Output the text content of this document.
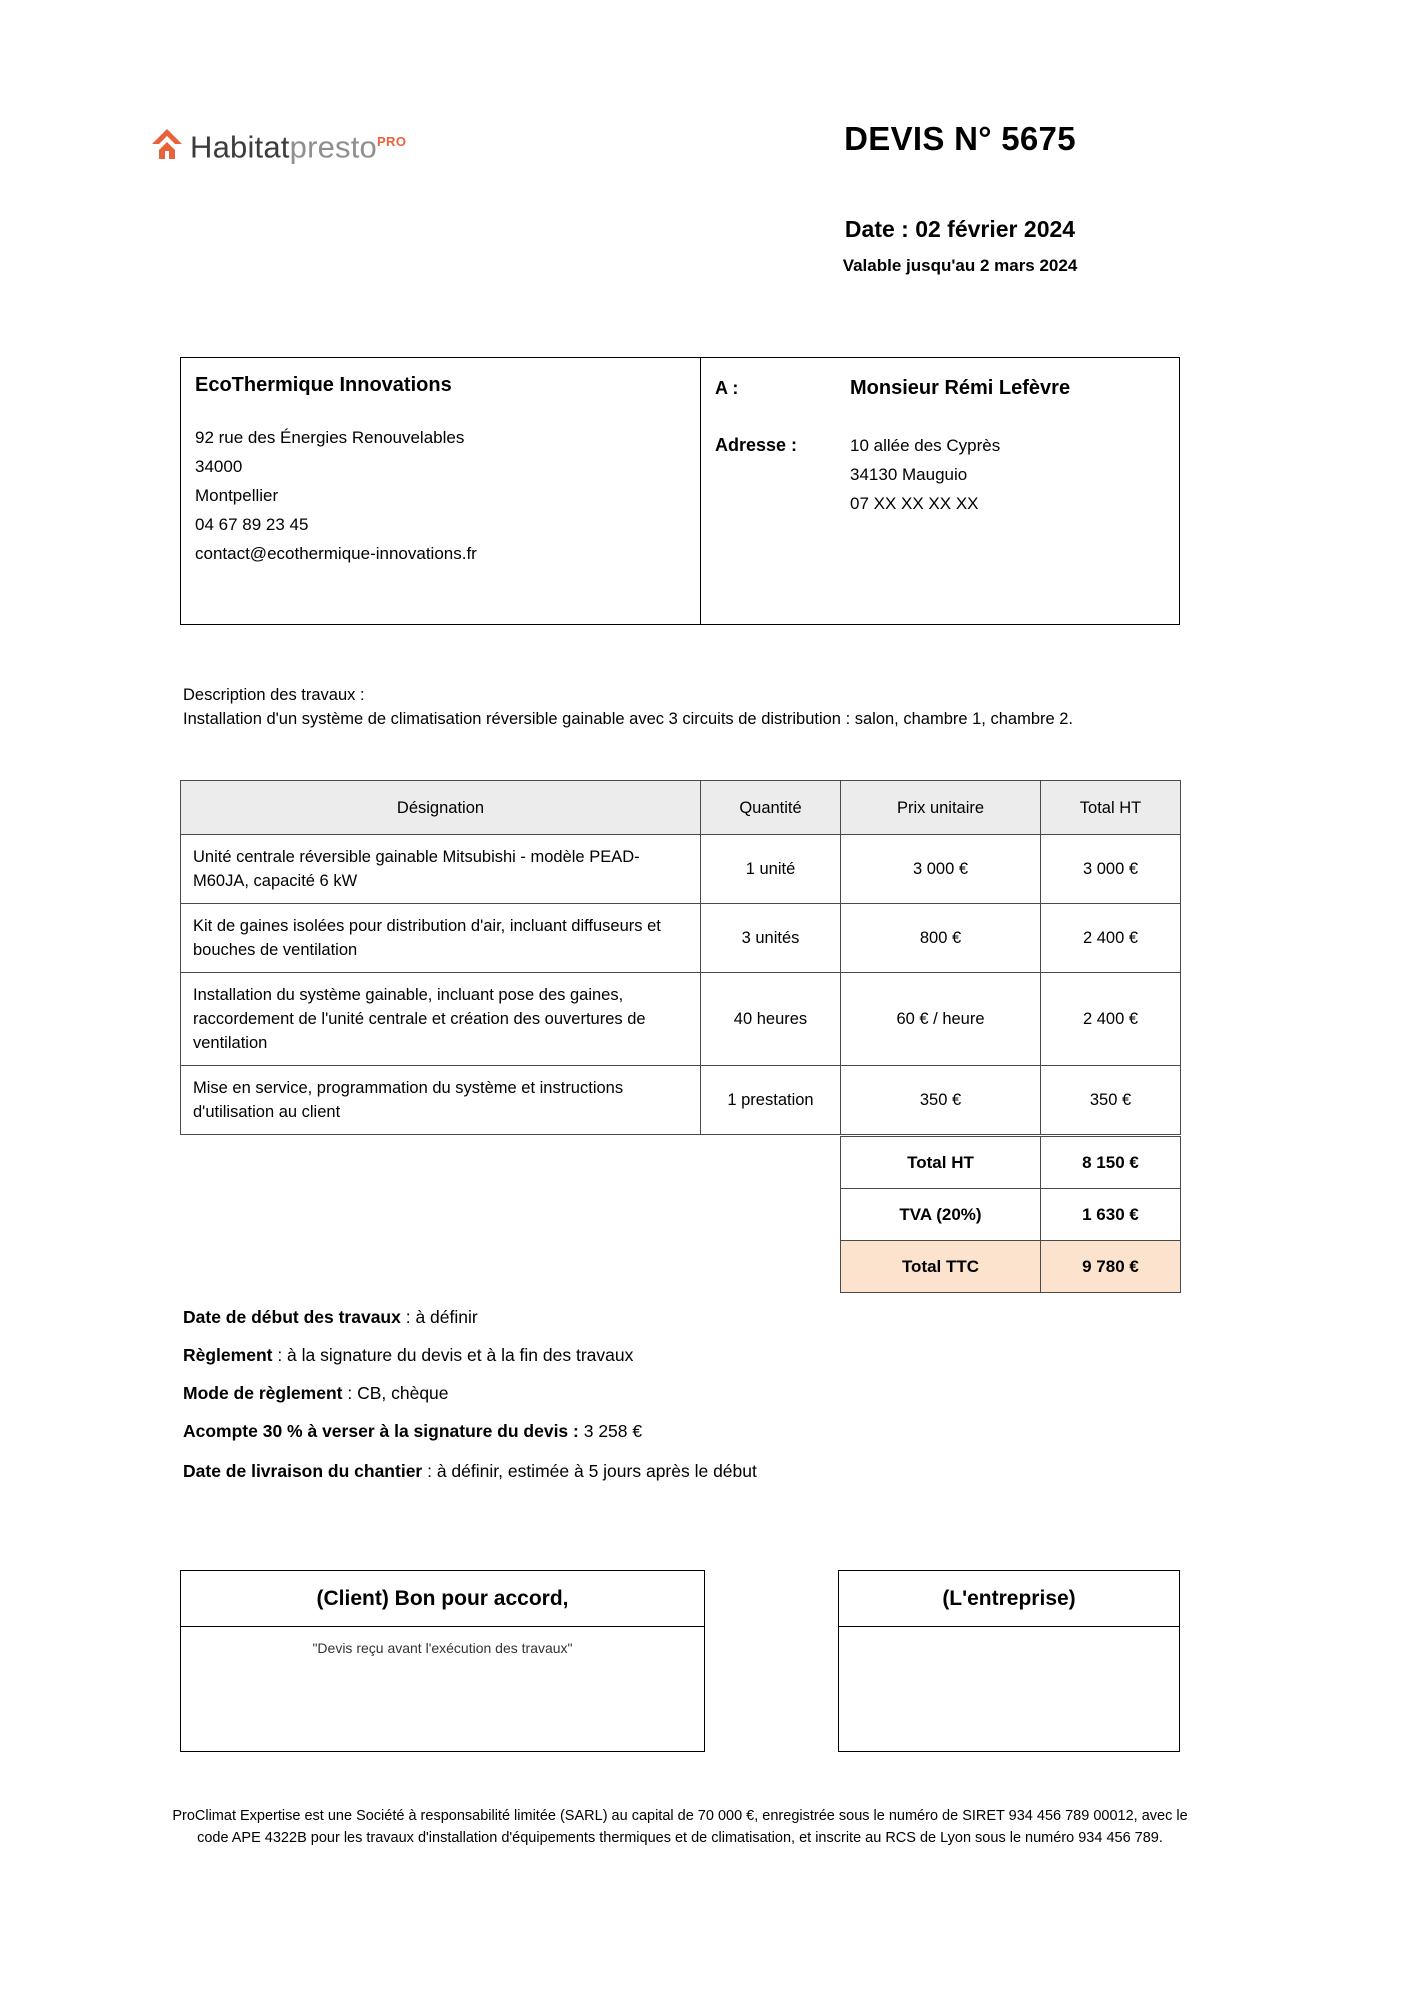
Habitatpresto$^{PRO}$	DEVIS N° 5675
Date : 02 février 2024
Valable jusqu'au 2 mars 2024
EcoThermique Innovations
92 rue des Énergies Renouvelables
34000
Montpellier
04 67 89 23 45
contact@ecothermique-innovations.fr
A :	Monsieur Rémi Lefèvre
Adresse :	10 allée des Cyprès
34130 Mauguio
07 XX XX XX XX
Description des travaux :
Installation d'un système de climatisation réversible gainable avec 3 circuits de distribution : salon, chambre 1, chambre 2.
Désignation	Quantité	Prix unitaire	Total HT
Unité centrale réversible gainable Mitsubishi - modèle PEAD-M60JA, capacité 6 kW	1 unité	3 000 €	3 000 €
Kit de gaines isolées pour distribution d'air, incluant diffuseurs et bouches de ventilation	3 unités	800 €	2 400 €
Installation du système gainable, incluant pose des gaines, raccordement de l'unité centrale et création des ouvertures de ventilation	40 heures	60 € / heure	2 400 €
Mise en service, programmation du système et instructions d'utilisation au client	1 prestation	350 €	350 €
Total HT	8 150 €
TVA (20%)	1 630 €
Total TTC	9 780 €
Date de début des travaux : à définir
Règlement : à la signature du devis et à la fin des travaux
Mode de règlement : CB, chèque
Acompte 30 % à verser à la signature du devis : 3 258 €
Date de livraison du chantier : à définir, estimée à 5 jours après le début
(Client) Bon pour accord,
"Devis reçu avant l'exécution des travaux"
(L'entreprise)
ProClimat Expertise est une Société à responsabilité limitée (SARL) au capital de 70 000 €, enregistrée sous le numéro de SIRET 934 456 789 00012, avec le code APE 4322B pour les travaux d'installation d'équipements thermiques et de climatisation, et inscrite au RCS de Lyon sous le numéro 934 456 789.
